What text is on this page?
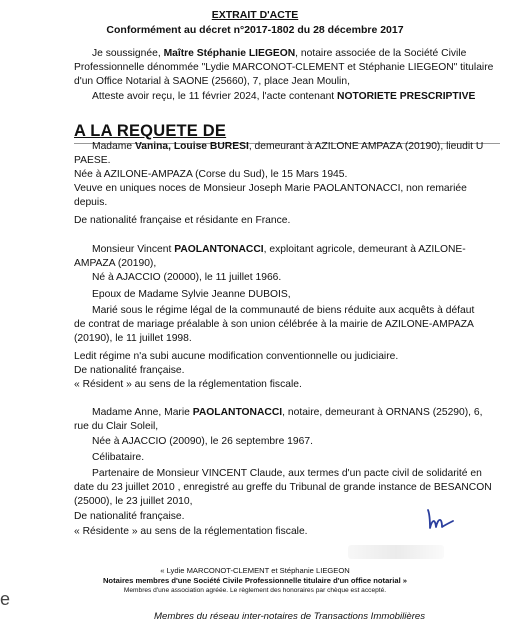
EXTRAIT D'ACTE
Conformément au décret n°2017-1802 du 28 décembre 2017
Je soussignée, Maître Stéphanie LIEGEON, notaire associée de la Société Civile
Professionnelle dénommée "Lydie MARCONOT-CLEMENT et Stéphanie LIEGEON" titulaire
d'un Office Notarial à SAONE (25660), 7, place Jean Moulin,
Atteste avoir reçu, le 11 février 2024, l'acte contenant NOTORIETE PRESCRIPTIVE
A LA REQUETE DE
Madame Vanina, Louise BURESI, demeurant à AZILONE AMPAZA (20190), lieudit U
PAESE.
Née à AZILONE-AMPAZA (Corse du Sud), le 15 Mars 1945.
Veuve en uniques noces de Monsieur Joseph Marie PAOLANTONACCI, non remariée
depuis.
De nationalité française et résidante en France.
Monsieur Vincent PAOLANTONACCI, exploitant agricole, demeurant à AZILONE-
AMPAZA (20190),
Né à AJACCIO (20000), le 11 juillet 1966.
Epoux de Madame Sylvie Jeanne DUBOIS,
Marié sous le régime légal de la communauté de biens réduite aux acquêts à défaut
de contrat de mariage préalable à son union célébrée à la mairie de AZILONE-AMPAZA
(20190), le 11 juillet 1998.
Ledit régime n'a subi aucune modification conventionnelle ou judiciaire.
De nationalité française.
« Résident » au sens de la réglementation fiscale.
Madame Anne, Marie PAOLANTONACCI, notaire, demeurant à ORNANS (25290), 6,
rue du Clair Soleil,
Née à AJACCIO (20090), le 26 septembre 1967.
Célibataire.
Partenaire de Monsieur VINCENT Claude, aux termes d'un pacte civil de solidarité en
date du 23 juillet 2010 , enregistré au greffe du Tribunal de grande instance de BESANCON
(25000), le 23 juillet 2010,
De nationalité française.
« Résidente » au sens de la réglementation fiscale.
« Lydie MARCONOT-CLEMENT et Stéphanie LIEGEON
Notaires membres d'une Société Civile Professionnelle titulaire d'un office notarial »
Membres d'une association agréée. Le règlement des honoraires par chèque est accepté.
Membres du réseau inter-notaires de Transactions Immobilières
e
